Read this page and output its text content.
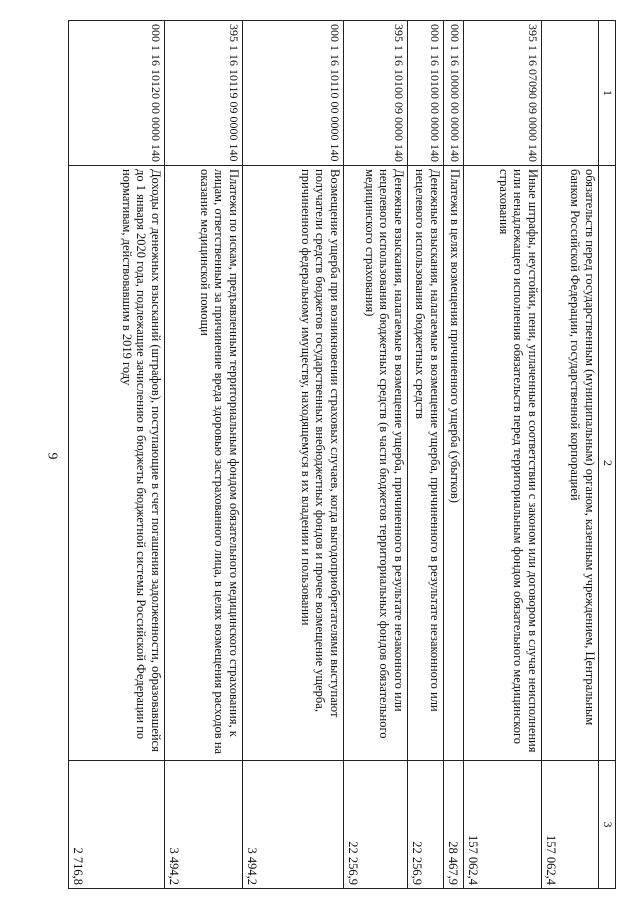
9
1	2	3
	обязательств перед государственным (муниципальным) органом, казенным учреждением, Центральным банком Российской Федерации, государственной корпорацией	157 062,4
395 1 16 07090 09 0000 140	Иные штрафы, неустойки, пени, уплаченные в соответствии с законом или договором в случае неисполнения или ненадлежащего исполнения обязательств перед территориальным фондом обязательного медицинского страхования	157 062,4
000 1 16 10000 00 0000 140	Платежи в целях возмещения причиненного ущерба (убытков)	28 467,9
000 1 16 10100 00 0000 140	Денежные взыскания, налагаемые в возмещение ущерба, причиненного в результате незаконного или нецелевого использования бюджетных средств	22 256,9
395 1 16 10100 09 0000 140	Денежные взыскания, налагаемые в возмещение ущерба, причиненного в результате незаконного или нецелевого использования бюджетных средств (в части бюджетов территориальных фондов обязательного медицинского страхования)	22 256,9
000 1 16 10110 00 0000 140	Возмещение ущерба при возникновении страховых случаев, когда выгодоприобретателями выступают получатели средств бюджетов государственных внебюджетных фондов и прочее возмещение ущерба, причиненного федеральному имуществу, находящемуся в их владении и пользовании	3 494,2
395 1 16 10119 09 0000 140	Платежи по искам, предъявленным территориальным фондом обязательного медицинского страхования, к лицам, ответственным за причинение вреда здоровью застрахованного лица, в целях возмещения расходов на оказание медицинской помощи	3 494,2
000 1 16 10120 00 0000 140	Доходы от денежных взысканий (штрафов), поступающие в счет погашения задолженности, образовавшейся до 1 января 2020 года, подлежащие зачислению в бюджеты бюджетной системы Российской Федерации по нормативам, действовавшим в 2019 году	2 716,8
